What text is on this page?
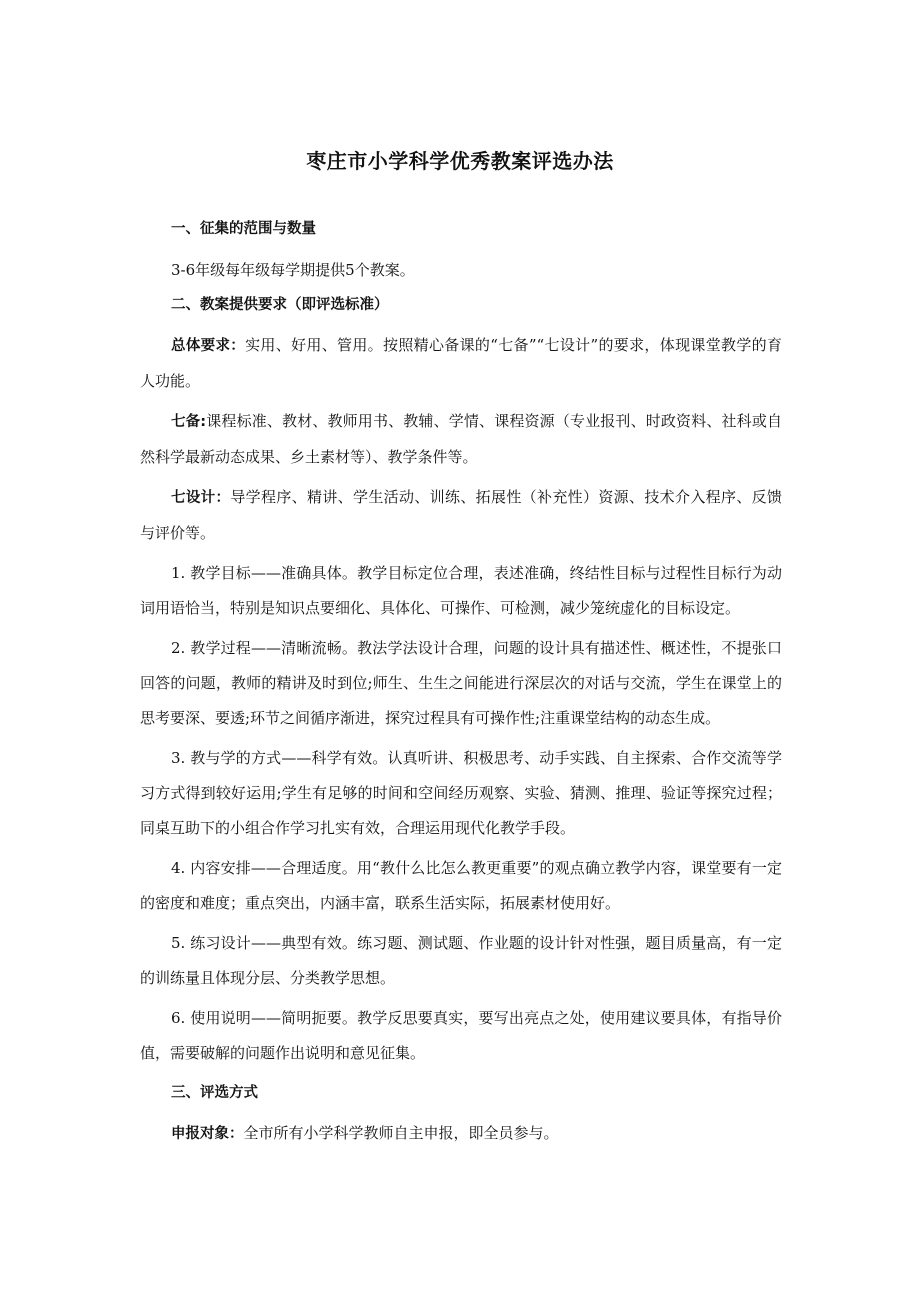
枣庄市小学科学优秀教案评选办法

一、征集的范围与数量

3-6年级每年级每学期提供5个教案。

二、教案提供要求（即评选标准）

总体要求：实用、好用、管用。按照精心备课的“七备”“七设计”的要求，体现课堂教学的育人功能。

七备:课程标准、教材、教师用书、教辅、学情、课程资源（专业报刊、时政资料、社科或自然科学最新动态成果、乡土素材等）、教学条件等。

七设计：导学程序、精讲、学生活动、训练、拓展性（补充性）资源、技术介入程序、反馈与评价等。

1. 教学目标——准确具体。教学目标定位合理，表述准确，终结性目标与过程性目标行为动词用语恰当，特别是知识点要细化、具体化、可操作、可检测，减少笼统虚化的目标设定。

2. 教学过程——清晰流畅。教法学法设计合理，问题的设计具有描述性、概述性，不提张口回答的问题，教师的精讲及时到位;师生、生生之间能进行深层次的对话与交流，学生在课堂上的思考要深、要透;环节之间循序渐进，探究过程具有可操作性;注重课堂结构的动态生成。

3. 教与学的方式——科学有效。认真听讲、积极思考、动手实践、自主探索、合作交流等学习方式得到较好运用;学生有足够的时间和空间经历观察、实验、猜测、推理、验证等探究过程；同桌互助下的小组合作学习扎实有效，合理运用现代化教学手段。

4. 内容安排——合理适度。用“教什么比怎么教更重要”的观点确立教学内容，课堂要有一定的密度和难度；重点突出，内涵丰富，联系生活实际，拓展素材使用好。

5. 练习设计——典型有效。练习题、测试题、作业题的设计针对性强，题目质量高，有一定的训练量且体现分层、分类教学思想。

6. 使用说明——简明扼要。教学反思要真实，要写出亮点之处，使用建议要具体，有指导价值，需要破解的问题作出说明和意见征集。

三、评选方式

申报对象：全市所有小学科学教师自主申报，即全员参与。
